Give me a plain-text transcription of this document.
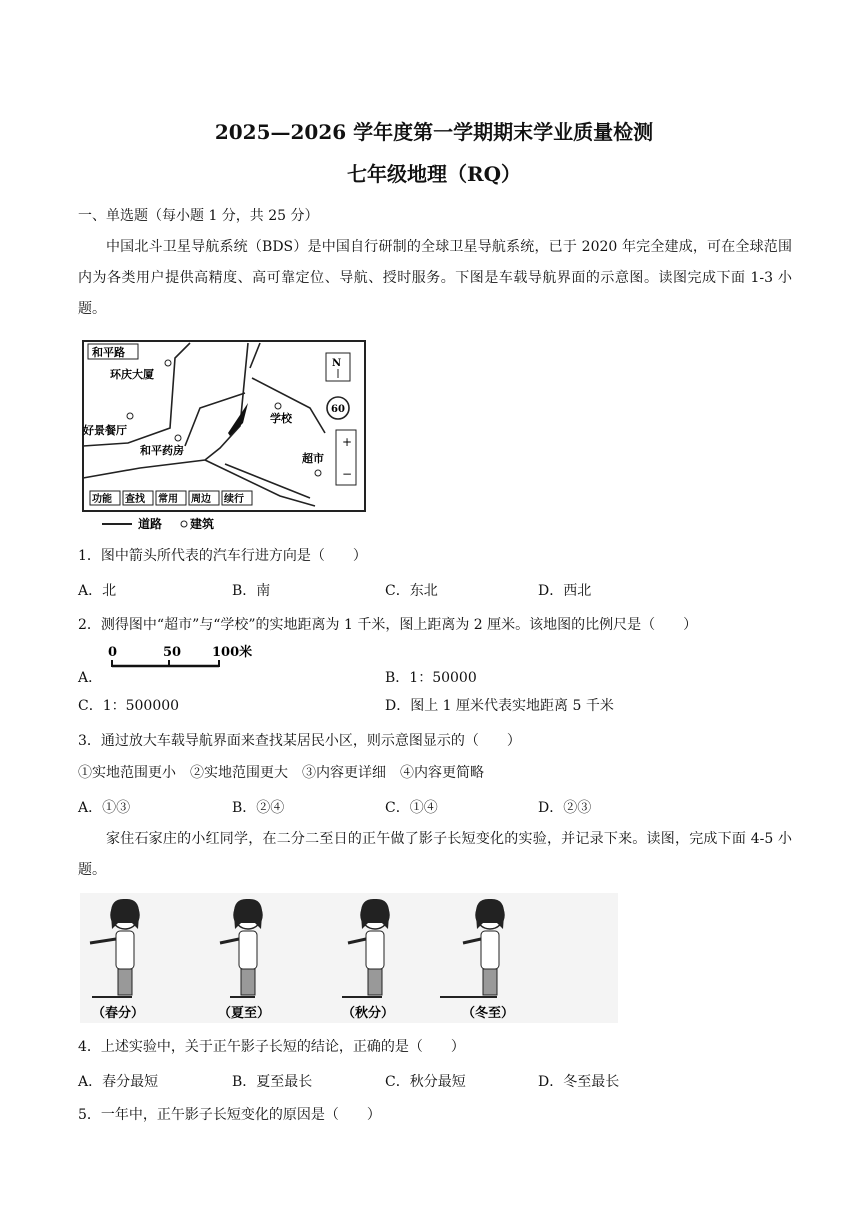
2025—2026 学年度第一学期期末学业质量检测
七年级地理（RQ）
一、单选题（每小题 1 分，共 25 分）
中国北斗卫星导航系统（BDS）是中国自行研制的全球卫星导航系统，已于 2020 年完全建成，可在全球范围内为各类用户提供高精度、高可靠定位、导航、授时服务。下图是车载导航界面的示意图。读图完成下面 1-3 小题。
和平路
环庆大厦
好景餐厅
和平药房
学校
超市
N
60
+
−
功能 查找 常用 周边 续行
道路 建筑
1．图中箭头所代表的汽车行进方向是（　　）
A．北	B．南	C．东北	D．西北
2．测得图中“超市”与“学校”的实地距离为 1 千米，图上距离为 2 厘米。该地图的比例尺是（　　）
A．
0	50 100米
B．1：50000
C．1：500000	D．图上 1 厘米代表实地距离 5 千米
3．通过放大车载导航界面来查找某居民小区，则示意图显示的（　　）
①实地范围更小　②实地范围更大　③内容更详细　④内容更简略
A．①③	B．②④	C．①④	D．②③
家住石家庄的小红同学，在二分二至日的正午做了影子长短变化的实验，并记录下来。读图，完成下面 4-5 小题。
（春分）	（夏至）	（秋分）	（冬至）
4．上述实验中，关于正午影子长短的结论，正确的是（　　）
A．春分最短	B．夏至最长	C．秋分最短	D．冬至最长
5．一年中，正午影子长短变化的原因是（　　）
